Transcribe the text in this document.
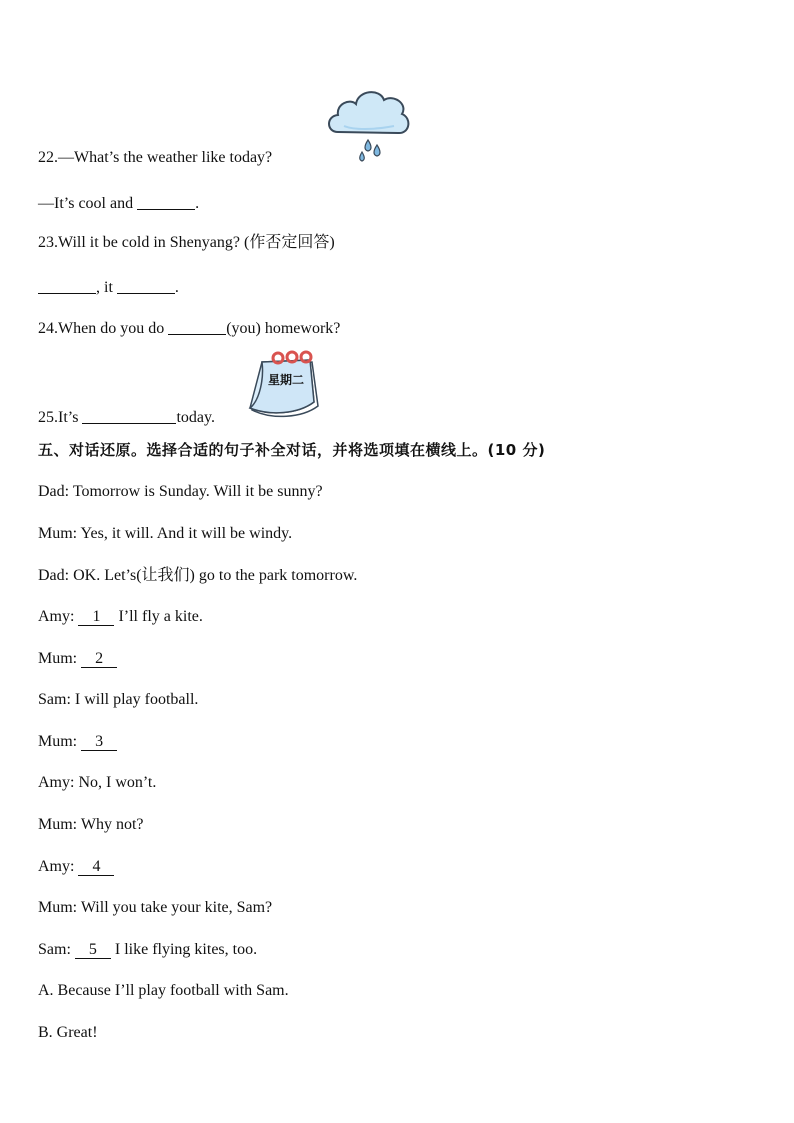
22.—What’s the weather like today?
—It’s cool and	.
23.Will it be cold in Shenyang? (作否定回答)
, it	.
24.When do you do	(you) homework?
星期二
25.It’s	today.
五、对话还原。选择合适的句子补全对话，并将选项填在横线上。(10 分)
Dad: Tomorrow is Sunday. Will it be sunny?
Mum: Yes, it will. And it will be windy.
Dad: OK. Let’s(让我们) go to the park tomorrow.
Amy: 1 I’ll fly a kite.
Mum: 2
Sam: I will play football.
Mum: 3
Amy: No, I won’t.
Mum: Why not?
Amy: 4
Mum: Will you take your kite, Sam?
Sam: 5 I like flying kites, too.
A. Because I’ll play football with Sam.
B. Great!
